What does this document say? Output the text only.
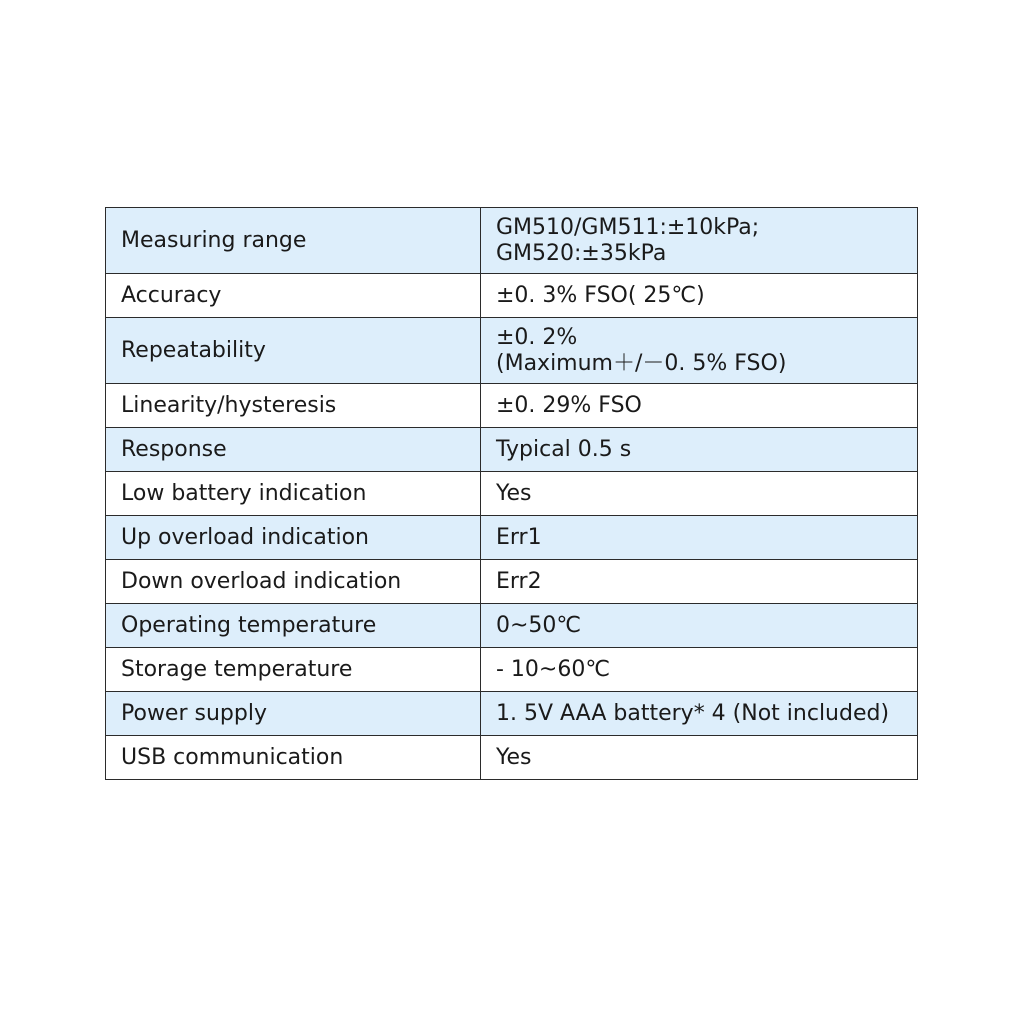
Measuring range	GM510/GM511:±10kPa;
GM520:±35kPa

Accuracy	±0. 3% FSO( 25℃)

Repeatability	±0. 2%
(Maximum＋/－0. 5% FSO)

Linearity/hysteresis	±0. 29% FSO

Response	Typical 0.5 s

Low battery indication	Yes

Up overload indication	Err1

Down overload indication	Err2

Operating temperature	0~50℃

Storage temperature	- 10~60℃

Power supply	1. 5V AAA battery* 4 (Not included)

USB communication	Yes
